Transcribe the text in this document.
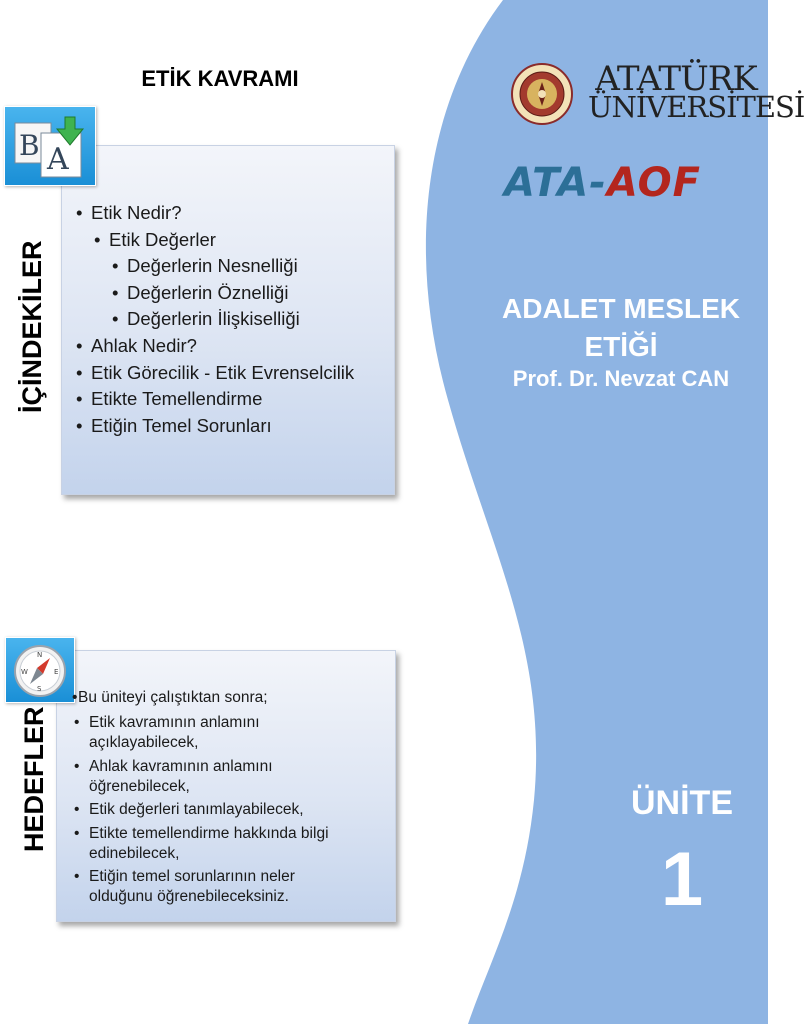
ETİK KAVRAMI
B A
İÇİNDEKİLER
• Etik Nedir?
• Etik Değerler
• Değerlerin Nesnelliği
• Değerlerin Öznelliği
• Değerlerin İlişkiselliği
• Ahlak Nedir?
• Etik Görecilik - Etik Evrenselcilik
• Etikte Temellendirme
• Etiğin Temel Sorunları
N
S
W	E
HEDEFLER
•Bu üniteyi çalıştıktan sonra;
• Etik kavramının anlamını
açıklayabilecek,
• Ahlak kavramının anlamını
öğrenebilecek,
• Etik değerleri tanımlayabilecek,
• Etikte temellendirme hakkında bilgi
edinebilecek,
• Etiğin temel sorunlarının neler
olduğunu öğrenebileceksiniz.
ATATÜRK
ÜNİVERSİTESİ
ATA-AOF
ADALET MESLEK
ETİĞİ
Prof. Dr. Nevzat CAN
ÜNİTE
1
